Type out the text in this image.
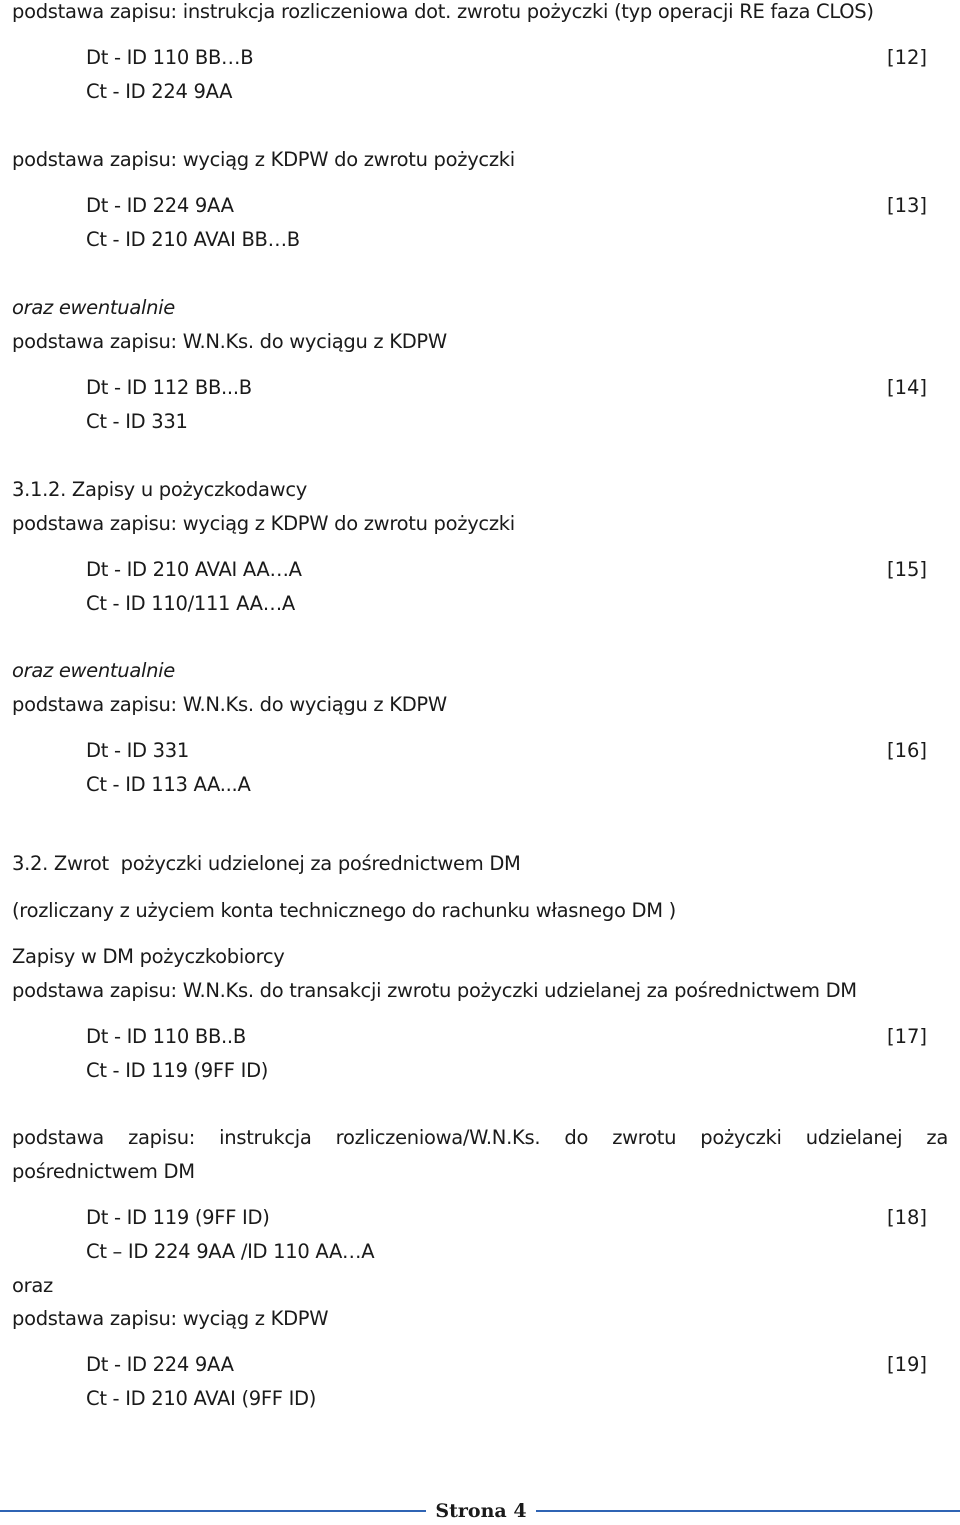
podstawa zapisu: instrukcja rozliczeniowa dot. zwrotu pożyczki (typ operacji RE faza CLOS)
Dt - ID 110 BB…B	[12]
Ct - ID 224 9AA
podstawa zapisu: wyciąg z KDPW do zwrotu pożyczki
Dt - ID 224 9AA	[13]
Ct - ID 210 AVAI BB…B
oraz ewentualnie
podstawa zapisu: W.N.Ks. do wyciągu z KDPW
Dt - ID 112 BB...B	[14]
Ct - ID 331
3.1.2. Zapisy u pożyczkodawcy
podstawa zapisu: wyciąg z KDPW do zwrotu pożyczki
Dt - ID 210 AVAI AA…A	[15]
Ct - ID 110/111 AA…A
oraz ewentualnie
podstawa zapisu: W.N.Ks. do wyciągu z KDPW
Dt - ID 331	[16]
Ct - ID 113 AA...A
3.2. Zwrot  pożyczki udzielonej za pośrednictwem DM
(rozliczany z użyciem konta technicznego do rachunku własnego DM )
Zapisy w DM pożyczkobiorcy
podstawa zapisu: W.N.Ks. do transakcji zwrotu pożyczki udzielanej za pośrednictwem DM
Dt - ID 110 BB..B	[17]
Ct - ID 119 (9FF ID)
podstawa zapisu: instrukcja rozliczeniowa/W.N.Ks. do zwrotu pożyczki udzielanej za
pośrednictwem DM
Dt - ID 119 (9FF ID)	[18]
Ct – ID 224 9AA /ID 110 AA…A
oraz
podstawa zapisu: wyciąg z KDPW
Dt - ID 224 9AA	[19]
Ct - ID 210 AVAI (9FF ID)
Strona 4
